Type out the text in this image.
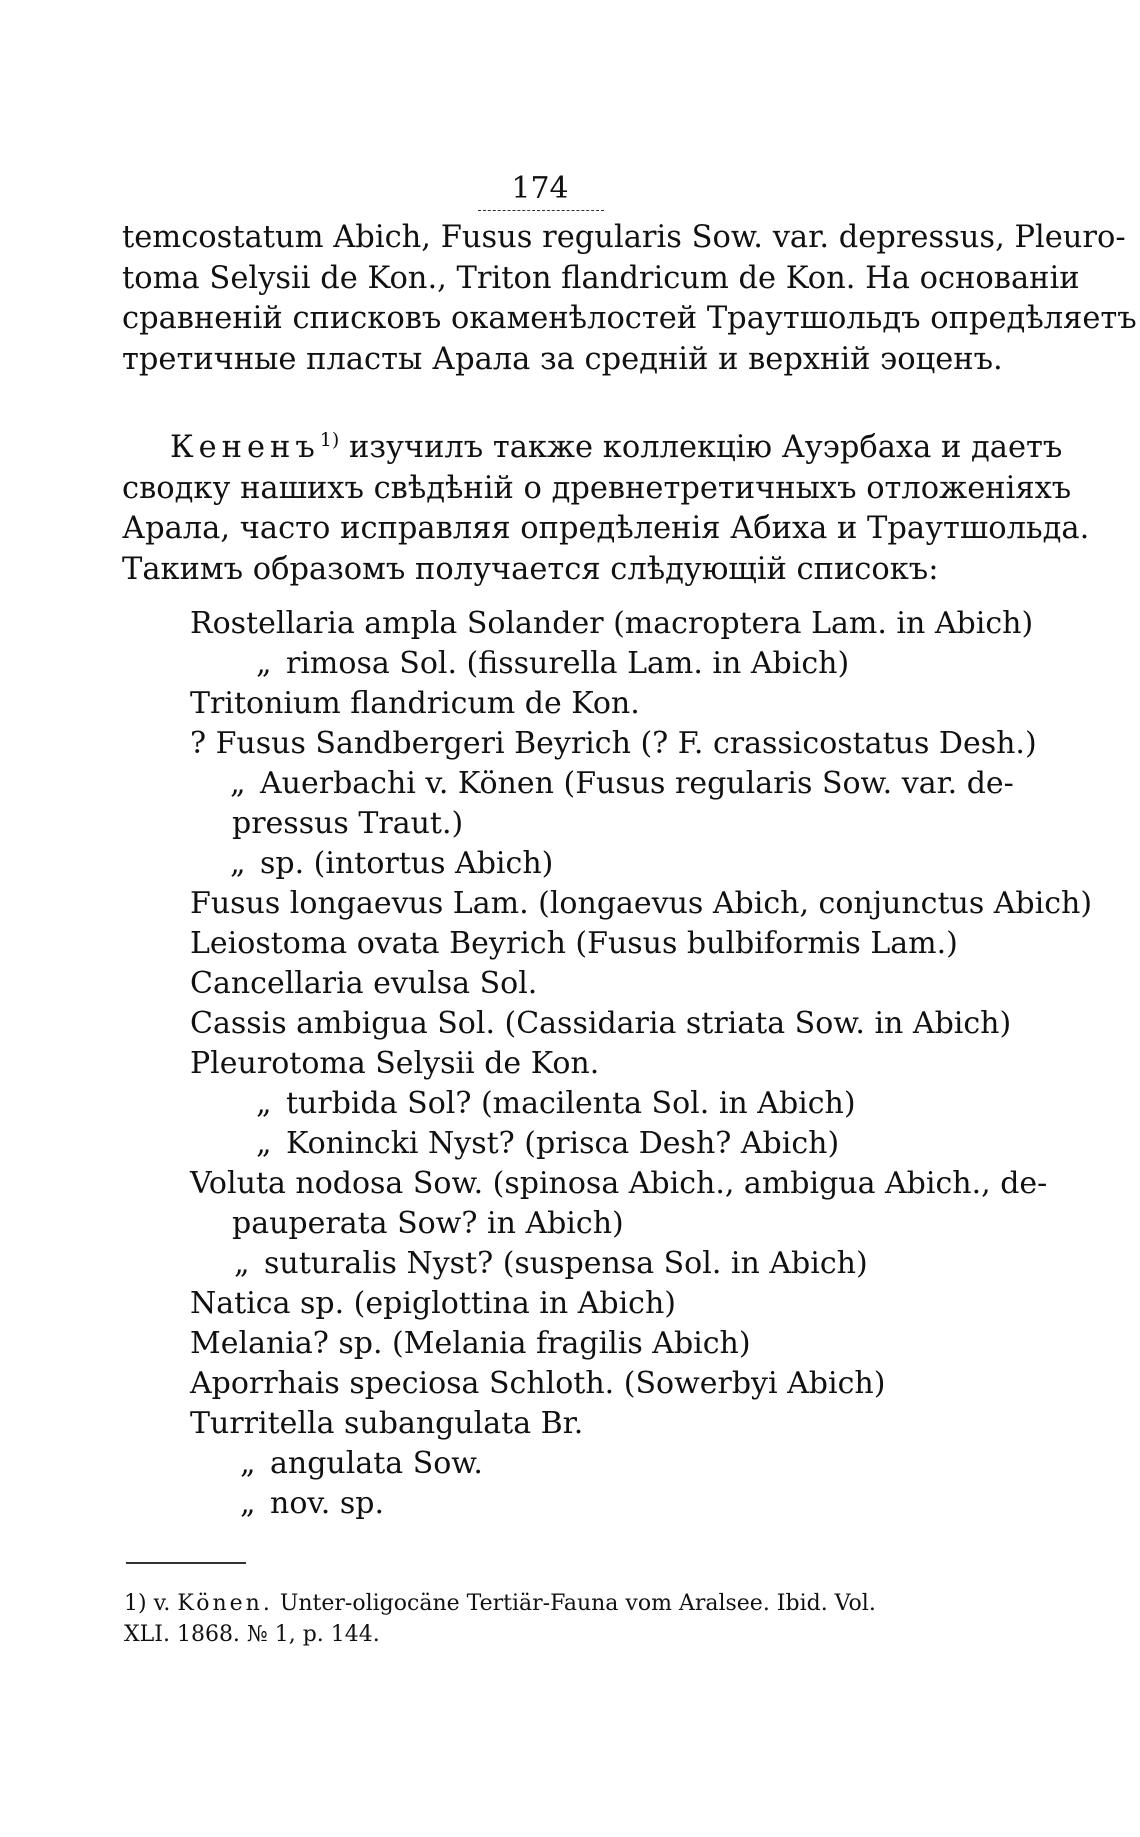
174

temcostatum Abich, Fusus regularis Sow. var. depressus, Pleuro-
toma Selysii de Kon., Triton flandricum de Kon. На основаніи
сравненій списковъ окаменѣлостей Траутшольдъ опредѣляетъ
третичные пласты Арала за средній и верхній эоценъ.

Кененъ$^{1)}$ изучилъ также коллекцію Ауэрбаха и даетъ
сводку нашихъ свѣдѣній о древнетретичныхъ отложеніяхъ
Арала, часто исправляя опредѣленія Абиха и Траутшольда.
Такимъ образомъ получается слѣдующій списокъ:

Rostellaria ampla Solander (macroptera Lam. in Abich)
„ rimosa Sol. (fissurella Lam. in Abich)
Tritonium flandricum de Kon.
? Fusus Sandbergeri Beyrich (? F. crassicostatus Desh.)
„ Auerbachi v. Könen (Fusus regularis Sow. var. de-
pressus Traut.)
„ sp. (intortus Abich)
Fusus longaevus Lam. (longaevus Abich, conjunctus Abich)
Leiostoma ovata Beyrich (Fusus bulbiformis Lam.)
Cancellaria evulsa Sol.
Cassis ambigua Sol. (Cassidaria striata Sow. in Abich)
Pleurotoma Selysii de Kon.
„ turbida Sol? (macilenta Sol. in Abich)
„ Koninckі Nyst? (prisca Desh? Abich)
Voluta nodosa Sow. (spinosa Abich., ambigua Abich., de-
pauperata Sow? in Abich)
„ suturalis Nyst? (suspensa Sol. in Abich)
Natica sp. (epiglottina in Abich)
Melania? sp. (Melania fragilis Abich)
Aporrhais speciosa Schloth. (Sowerbyi Abich)
Turritella subangulata Br.
„ angulata Sow.
„ nov. sp.

1) v. Könen. Unter-oligocäne Tertiär-Fauna vom Aralsee. Ibid. Vol.
XLI. 1868. № 1, p. 144.
